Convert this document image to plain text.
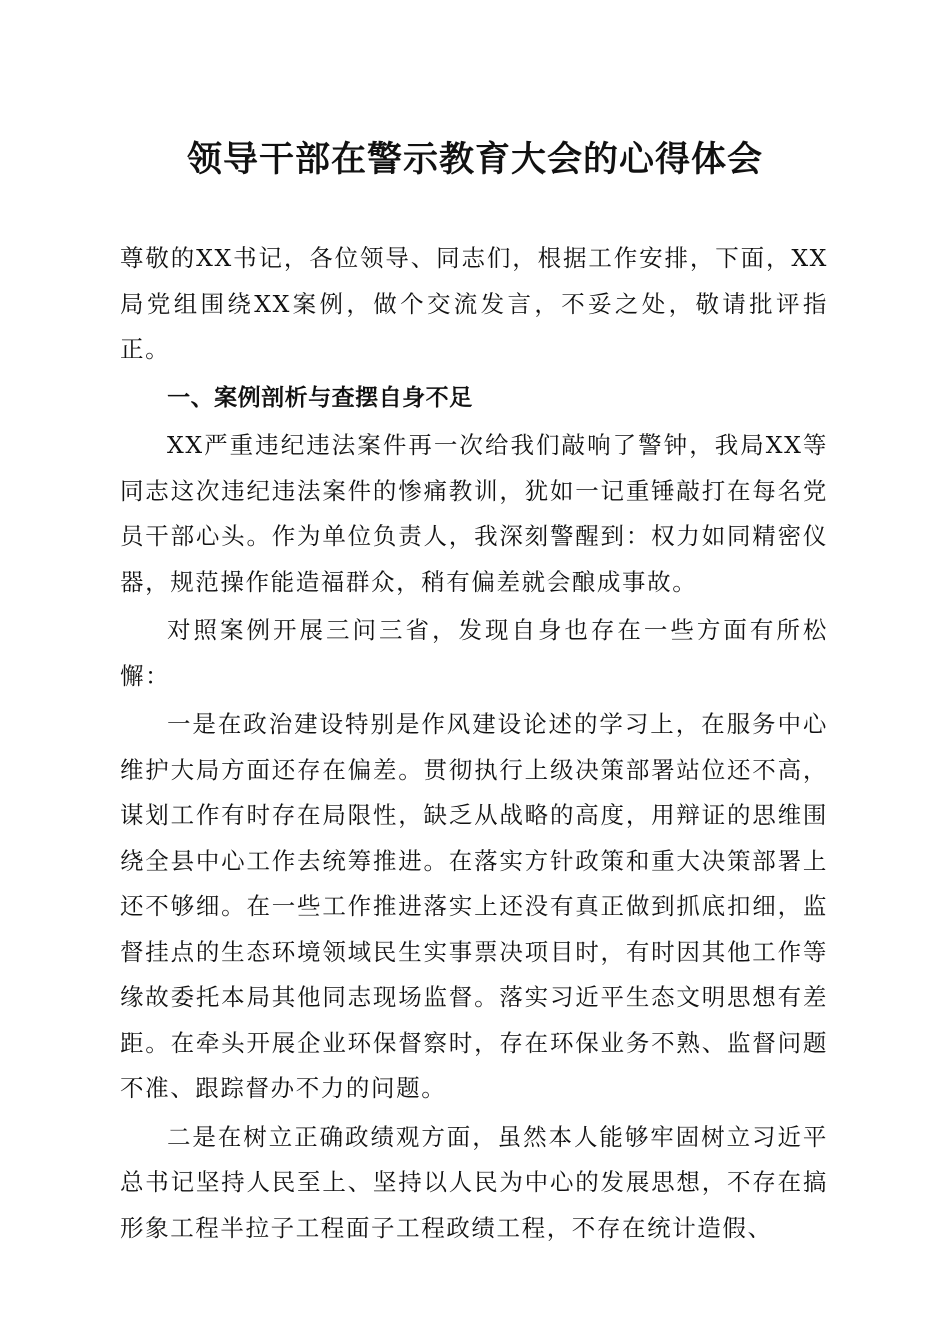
领导干部在警示教育大会的心得体会

尊敬的XX书记，各位领导、同志们，根据工作安排，下面，XX局党组围绕XX案例，做个交流发言，不妥之处，敬请批评指正。

一、案例剖析与查摆自身不足

XX严重违纪违法案件再一次给我们敲响了警钟，我局XX等同志这次违纪违法案件的惨痛教训，犹如一记重锤敲打在每名党员干部心头。作为单位负责人，我深刻警醒到：权力如同精密仪器，规范操作能造福群众，稍有偏差就会酿成事故。

对照案例开展三问三省，发现自身也存在一些方面有所松懈：

一是在政治建设特别是作风建设论述的学习上，在服务中心维护大局方面还存在偏差。贯彻执行上级决策部署站位还不高，谋划工作有时存在局限性，缺乏从战略的高度，用辩证的思维围绕全县中心工作去统筹推进。在落实方针政策和重大决策部署上还不够细。在一些工作推进落实上还没有真正做到抓底扣细，监督挂点的生态环境领域民生实事票决项目时，有时因其他工作等缘故委托本局其他同志现场监督。落实习近平生态文明思想有差距。在牵头开展企业环保督察时，存在环保业务不熟、监督问题不准、跟踪督办不力的问题。

二是在树立正确政绩观方面，虽然本人能够牢固树立习近平总书记坚持人民至上、坚持以人民为中心的发展思想，不存在搞形象工程半拉子工程面子工程政绩工程，不存在统计造假、
